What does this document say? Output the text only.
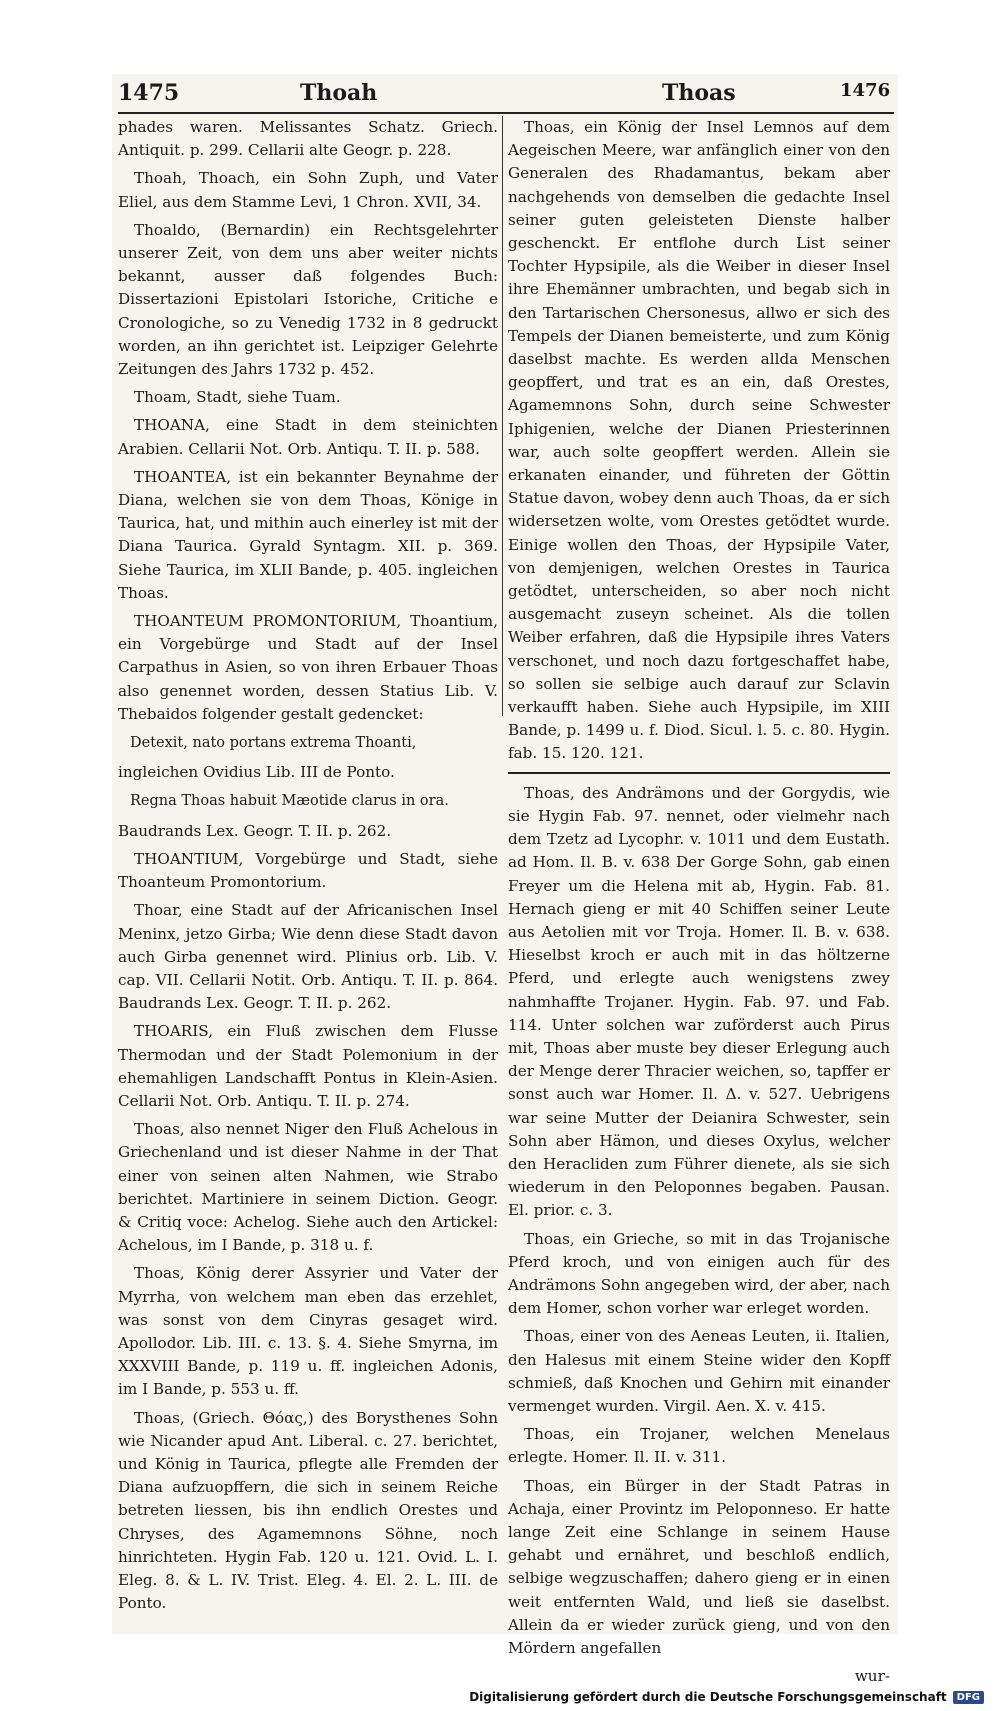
1475	Thoah	Thoas	1476

phades waren. Melissantes Schatz. Griech. Antiquit. p. 299. Cellarii alte Geogr. p. 228.

Thoah, Thoach, ein Sohn Zuph, und Vater Eliel, aus dem Stamme Levi, 1 Chron. XVII, 34.

Thoaldo, (Bernardin) ein Rechtsgelehrter unserer Zeit, von dem uns aber weiter nichts bekannt, ausser daß folgendes Buch: Dissertazioni Epistolari Istoriche, Critiche e Cronologiche, so zu Venedig 1732 in 8 gedruckt worden, an ihn gerichtet ist. Leipziger Gelehrte Zeitungen des Jahrs 1732 p. 452.

Thoam, Stadt, siehe Tuam.

THOANA, eine Stadt in dem steinichten Arabien. Cellarii Not. Orb. Antiqu. T. II. p. 588.

THOANTEA, ist ein bekannter Beynahme der Diana, welchen sie von dem Thoas, Könige in Taurica, hat, und mithin auch einerley ist mit der Diana Taurica. Gyrald Syntagm. XII. p. 369. Siehe Taurica, im XLII Bande, p. 405. ingleichen Thoas.

THOANTEUM PROMONTORIUM, Thoantium, ein Vorgebürge und Stadt auf der Insel Carpathus in Asien, so von ihren Erbauer Thoas also genennet worden, dessen Statius Lib. V. Thebaidos folgender gestalt gedencket:

Detexit, nato portans extrema Thoanti,

ingleichen Ovidius Lib. III de Ponto.

Regna Thoas habuit Mæotide clarus in ora.

Baudrands Lex. Geogr. T. II. p. 262.

THOANTIUM, Vorgebürge und Stadt, siehe Thoanteum Promontorium.

Thoar, eine Stadt auf der Africanischen Insel Meninx, jetzo Girba; Wie denn diese Stadt davon auch Girba genennet wird. Plinius orb. Lib. V. cap. VII. Cellarii Notit. Orb. Antiqu. T. II. p. 864. Baudrands Lex. Geogr. T. II. p. 262.

THOARIS, ein Fluß zwischen dem Flusse Thermodan und der Stadt Polemonium in der ehemahligen Landschafft Pontus in Klein-Asien. Cellarii Not. Orb. Antiqu. T. II. p. 274.

Thoas, also nennet Niger den Fluß Achelous in Griechenland und ist dieser Nahme in der That einer von seinen alten Nahmen, wie Strabo berichtet. Martiniere in seinem Diction. Geogr. & Critiq voce: Achelog. Siehe auch den Artickel: Achelous, im I Bande, p. 318 u. f.

Thoas, König derer Assyrier und Vater der Myrrha, von welchem man eben das erzehlet, was sonst von dem Cinyras gesaget wird. Apollodor. Lib. III. c. 13. §. 4. Siehe Smyrna, im XXXVIII Bande, p. 119 u. ff. ingleichen Adonis, im I Bande, p. 553 u. ff.

Thoas, (Griech. Θόας,) des Borysthenes Sohn wie Nicander apud Ant. Liberal. c. 27. berichtet, und König in Taurica, pflegte alle Fremden der Diana aufzuopffern, die sich in seinem Reiche betreten liessen, bis ihn endlich Orestes und Chryses, des Agamemnons Söhne, noch hinrichteten. Hygin Fab. 120 u. 121. Ovid. L. I. Eleg. 8. & L. IV. Trist. Eleg. 4. El. 2. L. III. de Ponto.

Thoas, ein König der Insel Lemnos auf dem Aegeischen Meere, war anfänglich einer von den Generalen des Rhadamantus, bekam aber nachgehends von demselben die gedachte Insel seiner guten geleisteten Dienste halber geschenckt. Er entflohe durch List seiner Tochter Hypsipile, als die Weiber in dieser Insel ihre Ehemänner umbrachten, und begab sich in den Tartarischen Chersonesus, allwo er sich des Tempels der Dianen bemeisterte, und zum König daselbst machte. Es werden allda Menschen geopffert, und trat es an ein, daß Orestes, Agamemnons Sohn, durch seine Schwester Iphigenien, welche der Dianen Priesterinnen war, auch solte geopffert werden. Allein sie erkanaten einander, und führeten der Göttin Statue davon, wobey denn auch Thoas, da er sich widersetzen wolte, vom Orestes getödtet wurde. Einige wollen den Thoas, der Hypsipile Vater, von demjenigen, welchen Orestes in Taurica getödtet, unterscheiden, so aber noch nicht ausgemacht zuseyn scheinet. Als die tollen Weiber erfahren, daß die Hypsipile ihres Vaters verschonet, und noch dazu fortgeschaffet habe, so sollen sie selbige auch darauf zur Sclavin verkaufft haben. Siehe auch Hypsipile, im XIII Bande, p. 1499 u. f. Diod. Sicul. l. 5. c. 80. Hygin. fab. 15. 120. 121.

Thoas, des Andrämons und der Gorgydis, wie sie Hygin Fab. 97. nennet, oder vielmehr nach dem Tzetz ad Lycophr. v. 1011 und dem Eustath. ad Hom. Il. B. v. 638 Der Gorge Sohn, gab einen Freyer um die Helena mit ab, Hygin. Fab. 81. Hernach gieng er mit 40 Schiffen seiner Leute aus Aetolien mit vor Troja. Homer. Il. B. v. 638. Hieselbst kroch er auch mit in das höltzerne Pferd, und erlegte auch wenigstens zwey nahmhaffte Trojaner. Hygin. Fab. 97. und Fab. 114. Unter solchen war zuförderst auch Pirus mit, Thoas aber muste bey dieser Erlegung auch der Menge derer Thracier weichen, so, tapffer er sonst auch war Homer. Il. Δ. v. 527. Uebrigens war seine Mutter der Deianira Schwester, sein Sohn aber Hämon, und dieses Oxylus, welcher den Heracliden zum Führer dienete, als sie sich wiederum in den Peloponnes begaben. Pausan. El. prior. c. 3.

Thoas, ein Grieche, so mit in das Trojanische Pferd kroch, und von einigen auch für des Andrämons Sohn angegeben wird, der aber, nach dem Homer, schon vorher war erleget worden.

Thoas, einer von des Aeneas Leuten, ii. Italien, den Halesus mit einem Steine wider den Kopff schmieß, daß Knochen und Gehirn mit einander vermenget wurden. Virgil. Aen. X. v. 415.

Thoas, ein Trojaner, welchen Menelaus erlegte. Homer. Il. II. v. 311.

Thoas, ein Bürger in der Stadt Patras in Achaja, einer Provintz im Peloponneso. Er hatte lange Zeit eine Schlange in seinem Hause gehabt und ernähret, und beschloß endlich, selbige wegzuschaffen; dahero gieng er in einen weit entfernten Wald, und ließ sie daselbst. Allein da er wieder zurück gieng, und von den Mördern angefallen

wur-

Digitalisierung gefördert durch die Deutsche Forschungsgemeinschaft	DFG
